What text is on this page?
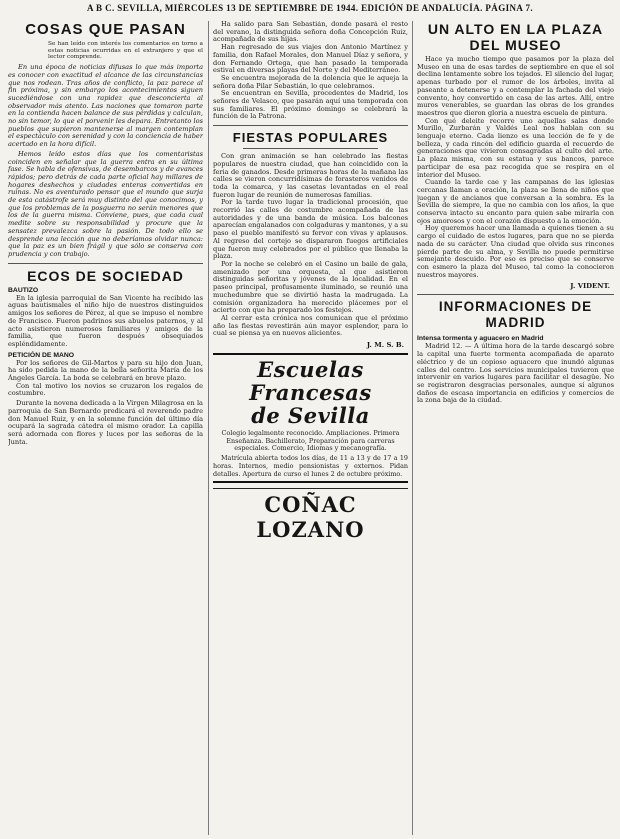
A B C. SEVILLA, MIÉRCOLES 13 DE SEPTIEMBRE DE 1944. EDICIÓN DE ANDALUCÍA. PÁGINA 7.
COSAS QUE PASAN

Se han leído con interés los comentarios en torno a estas noticias ocurridas en el extranjero y que el lector comprende.

En una época de noticias difusas lo que más importa es conocer con exactitud el alcance de las circunstancias que nos rodean. Tras años de conflicto, la paz parece al fin próxima, y sin embargo los acontecimientos siguen sucediéndose con una rapidez que desconcierta al observador más atento. Las naciones que tomaron parte en la contienda hacen balance de sus pérdidas y calculan, no sin temor, lo que el porvenir les depara. Entretanto los pueblos que supieron mantenerse al margen contemplan el espectáculo con serenidad y con la conciencia de haber acertado en la hora difícil.

Hemos leído estos días que los comentaristas coinciden en señalar que la guerra entra en su última fase. Se habla de ofensivas, de desembarcos y de avances rápidos; pero detrás de cada parte oficial hay millares de hogares deshechos y ciudades enteras convertidas en ruinas. No es aventurado pensar que el mundo que surja de esta catástrofe será muy distinto del que conocimos, y que los problemas de la posguerra no serán menores que los de la guerra misma. Conviene, pues, que cada cual medite sobre su responsabilidad y procure que la sensatez prevalezca sobre la pasión. De todo ello se desprende una lección que no deberíamos olvidar nunca: que la paz es un bien frágil y que sólo se conserva con prudencia y con trabajo.

ECOS DE SOCIEDAD
BAUTIZO

En la iglesia parroquial de San Vicente ha recibido las aguas bautismales el niño hijo de nuestros distinguidos amigos los señores de Pérez, al que se impuso el nombre de Francisco. Fueron padrinos sus abuelos paternos, y al acto asistieron numerosos familiares y amigos de la familia, que fueron después obsequiados espléndidamente.

PETICIÓN DE MANO

Por los señores de Gil-Martos y para su hijo don Juan, ha sido pedida la mano de la bella señorita María de los Ángeles García. La boda se celebrará en breve plazo.

Con tal motivo los novios se cruzaron los regalos de costumbre.

Durante la novena dedicada a la Virgen Milagrosa en la parroquia de San Bernardo predicará el reverendo padre don Manuel Ruiz, y en la solemne función del último día ocupará la sagrada cátedra el mismo orador. La capilla será adornada con flores y luces por las señoras de la Junta.

Ha salido para San Sebastián, donde pasará el resto del verano, la distinguida señora doña Concepción Ruiz, acompañada de sus hijas.

Han regresado de sus viajes don Antonio Martínez y familia, don Rafael Morales, don Manuel Díaz y señora, y don Fernando Ortega, que han pasado la temporada estival en diversas playas del Norte y del Mediterráneo.

Se encuentra mejorada de la dolencia que le aqueja la señora doña Pilar Sebastián, lo que celebramos.

Se encuentran en Sevilla, procedentes de Madrid, los señores de Velasco, que pasarán aquí una temporada con sus familiares. El próximo domingo se celebrará la función de la Patrona.

FIESTAS POPULARES

Con gran animación se han celebrado las fiestas populares de nuestra ciudad, que han coincidido con la feria de ganados. Desde primeras horas de la mañana las calles se vieron concurridísimas de forasteros venidos de toda la comarca, y las casetas levantadas en el real fueron lugar de reunión de numerosas familias.

Por la tarde tuvo lugar la tradicional procesión, que recorrió las calles de costumbre acompañada de las autoridades y de una banda de música. Los balcones aparecían engalanados con colgaduras y mantones, y a su paso el pueblo manifestó su fervor con vivas y aplausos. Al regreso del cortejo se dispararon fuegos artificiales que fueron muy celebrados por el público que llenaba la plaza.

Por la noche se celebró en el Casino un baile de gala, amenizado por una orquesta, al que asistieron distinguidas señoritas y jóvenes de la localidad. En el paseo principal, profusamente iluminado, se reunió una muchedumbre que se divirtió hasta la madrugada. La comisión organizadora ha merecido plácemes por el acierto con que ha preparado los festejos.

Al cerrar esta crónica nos comunican que el próximo año las fiestas revestirán aún mayor esplendor, para lo cual se piensa ya en nuevos alicientes.

J. M. S. B.
Escuelas Francesas
de Sevilla

Colegio legalmente reconocido. Ampliaciones. Primera Enseñanza. Bachillerato, Preparación para carreras especiales. Comercio, Idiomas y mecanografía.

Matrícula abierta todos los días, de 11 a 13 y de 17 a 19 horas. Internos, medio pensionistas y externos. Pidan detalles. Apertura de curso el lunes 2 de octubre próximo.

COÑAC LOZANO
UN ALTO EN LA PLAZA DEL MUSEO

Hace ya mucho tiempo que pasamos por la plaza del Museo en una de esas tardes de septiembre en que el sol declina lentamente sobre los tejados. El silencio del lugar, apenas turbado por el rumor de los árboles, invita al paseante a detenerse y a contemplar la fachada del viejo convento, hoy convertido en casa de las artes. Allí, entre muros venerables, se guardan las obras de los grandes maestros que dieron gloria a nuestra escuela de pintura.

Con qué deleite recorre uno aquellas salas donde Murillo, Zurbarán y Valdés Leal nos hablan con su lenguaje eterno. Cada lienzo es una lección de fe y de belleza, y cada rincón del edificio guarda el recuerdo de generaciones que vivieron consagradas al culto del arte. La plaza misma, con su estatua y sus bancos, parece participar de esa paz recogida que se respira en el interior del Museo.

Cuando la tarde cae y las campanas de las iglesias cercanas llaman a oración, la plaza se llena de niños que juegan y de ancianos que conversan a la sombra. Es la Sevilla de siempre, la que no cambia con los años, la que conserva intacto su encanto para quien sabe mirarla con ojos amorosos y con el corazón dispuesto a la emoción.

Hoy queremos hacer una llamada a quienes tienen a su cargo el cuidado de estos lugares, para que no se pierda nada de su carácter. Una ciudad que olvida sus rincones pierde parte de su alma, y Sevilla no puede permitirse semejante descuido. Por eso es preciso que se conserve con esmero la plaza del Museo, tal como la conocieron nuestros mayores.

J. VIDENT.
INFORMACIONES DE MADRID
Intensa tormenta y aguacero en Madrid

Madrid 12. — A última hora de la tarde descargó sobre la capital una fuerte tormenta acompañada de aparato eléctrico y de un copioso aguacero que inundó algunas calles del centro. Los servicios municipales tuvieron que intervenir en varios lugares para facilitar el desagüe. No se registraron desgracias personales, aunque sí algunos daños de escasa importancia en edificios y comercios de la zona baja de la ciudad.
